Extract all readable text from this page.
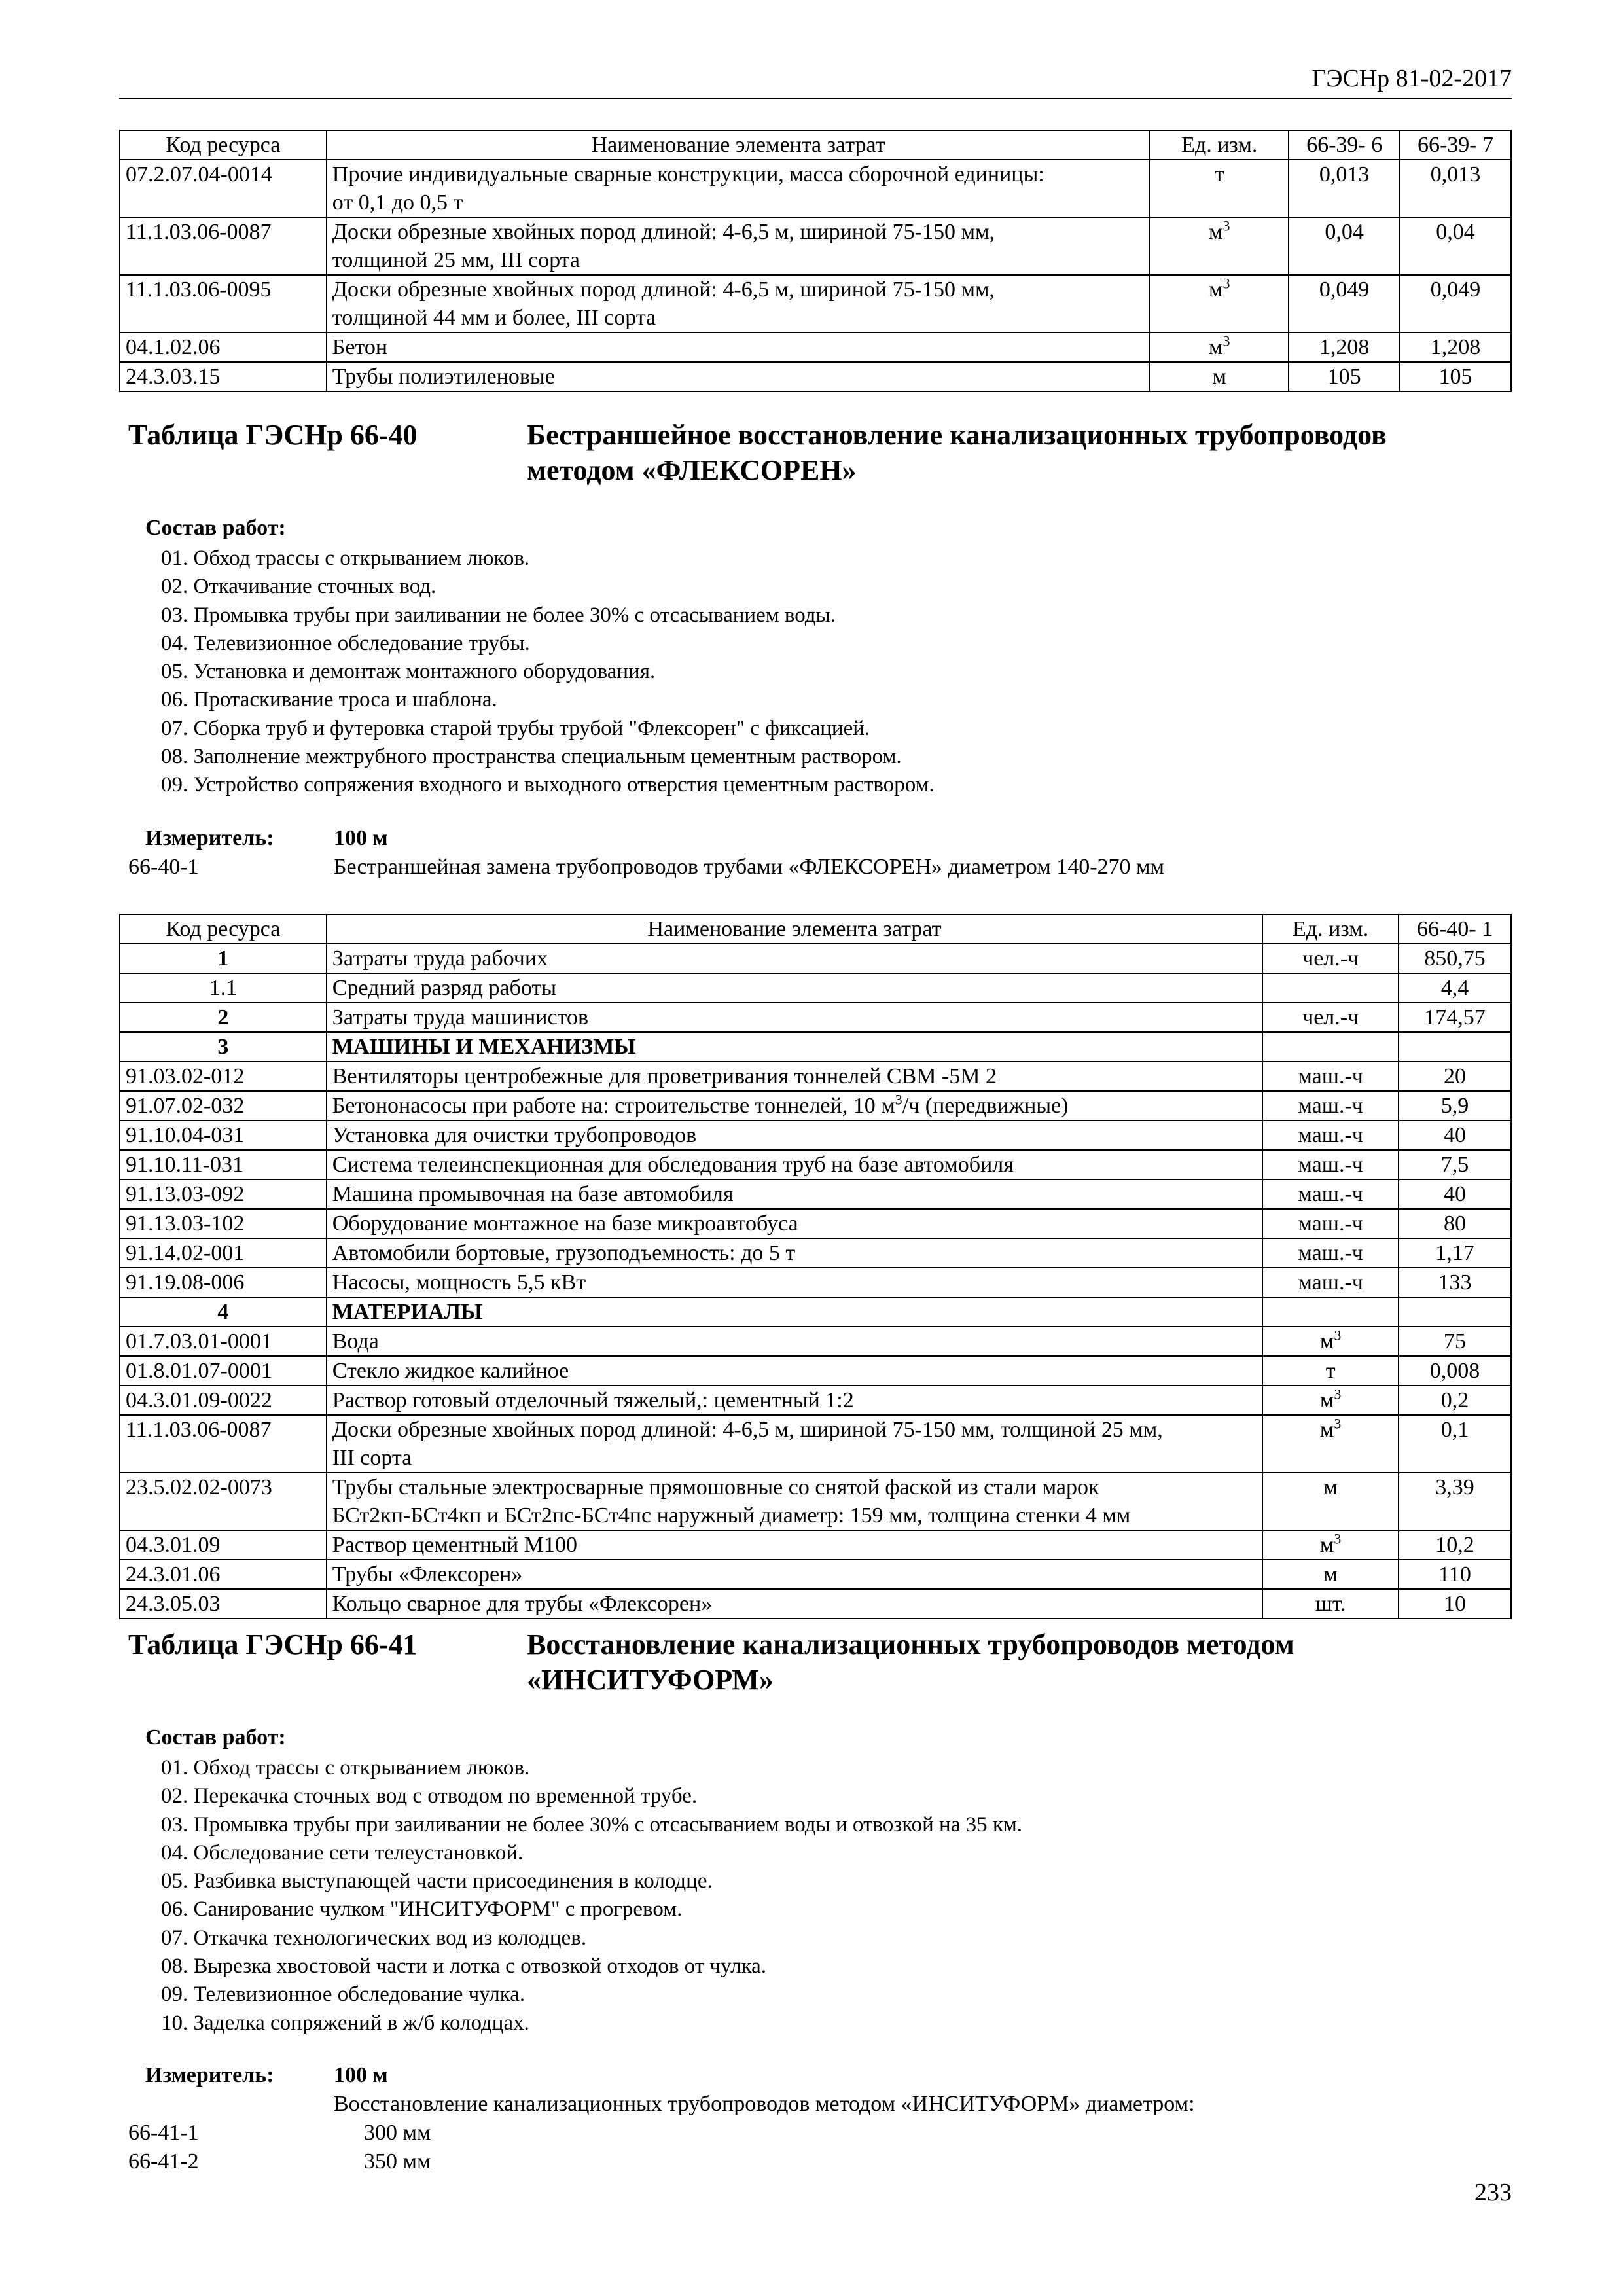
ГЭСНр 81-02-2017
Код ресурса	Наименование элемента затрат	Ед. изм.	66-39- 6	66-39- 7
07.2.07.04-0014	Прочие индивидуальные сварные конструкции, масса сборочной единицы:
от 0,1 до 0,5 т	т	0,013	0,013
11.1.03.06-0087	Доски обрезные хвойных пород длиной: 4-6,5 м, шириной 75-150 мм,
толщиной 25 мм, III сорта	$м^3$	0,04	0,04
11.1.03.06-0095	Доски обрезные хвойных пород длиной: 4-6,5 м, шириной 75-150 мм,
толщиной 44 мм и более, III сорта	$м^3$	0,049	0,049
04.1.02.06	Бетон	$м^3$	1,208	1,208
24.3.03.15	Трубы полиэтиленовые	м	105	105
Таблица ГЭСНр 66-40	Бестраншейное восстановление канализационных трубопроводов
методом «ФЛЕКСОРЕН»
Состав работ:
01. Обход трассы с открыванием люков.
02. Откачивание сточных вод.
03. Промывка трубы при заиливании не более 30% с отсасыванием воды.
04. Телевизионное обследование трубы.
05. Установка и демонтаж монтажного оборудования.
06. Протаскивание троса и шаблона.
07. Сборка труб и футеровка старой трубы трубой "Флексорен" с фиксацией.
08. Заполнение межтрубного пространства специальным цементным раствором.
09. Устройство сопряжения входного и выходного отверстия цементным раствором.
Измеритель:	100 м
66-40-1	Бестраншейная замена трубопроводов трубами «ФЛЕКСОРЕН» диаметром 140-270 мм
Код ресурса	Наименование элемента затрат	Ед. изм.	66-40- 1
1	Затраты труда рабочих	чел.-ч	850,75
1.1	Средний разряд работы		4,4
2	Затраты труда машинистов	чел.-ч	174,57
3	МАШИНЫ И МЕХАНИЗМЫ		
91.03.02-012	Вентиляторы центробежные для проветривания тоннелей СВМ -5М 2	маш.-ч	20
91.07.02-032	Бетононасосы при работе на: строительстве тоннелей, 10 $м^3/ч$ (передвижные)	маш.-ч	5,9
91.10.04-031	Установка для очистки трубопроводов	маш.-ч	40
91.10.11-031	Система телеинспекционная для обследования труб на базе автомобиля	маш.-ч	7,5
91.13.03-092	Машина промывочная на базе автомобиля	маш.-ч	40
91.13.03-102	Оборудование монтажное на базе микроавтобуса	маш.-ч	80
91.14.02-001	Автомобили бортовые, грузоподъемность: до 5 т	маш.-ч	1,17
91.19.08-006	Насосы, мощность 5,5 кВт	маш.-ч	133
4	МАТЕРИАЛЫ		
01.7.03.01-0001	Вода	$м^3$	75
01.8.01.07-0001	Стекло жидкое калийное	т	0,008
04.3.01.09-0022	Раствор готовый отделочный тяжелый,: цементный 1:2	$м^3$	0,2
11.1.03.06-0087	Доски обрезные хвойных пород длиной: 4-6,5 м, шириной 75-150 мм, толщиной 25 мм,
III сорта	$м^3$	0,1
23.5.02.02-0073	Трубы стальные электросварные прямошовные со снятой фаской из стали марок
БСт2кп-БСт4кп и БСт2пс-БСт4пс наружный диаметр: 159 мм, толщина стенки 4 мм	м	3,39
04.3.01.09	Раствор цементный М100	$м^3$	10,2
24.3.01.06	Трубы «Флексорен»	м	110
24.3.05.03	Кольцо сварное для трубы «Флексорен»	шт.	10
Таблица ГЭСНр 66-41	Восстановление канализационных трубопроводов методом
«ИНСИТУФОРМ»
Состав работ:
01. Обход трассы с открыванием люков.
02. Перекачка сточных вод с отводом по временной трубе.
03. Промывка трубы при заиливании не более 30% с отсасыванием воды и отвозкой на 35 км.
04. Обследование сети телеустановкой.
05. Разбивка выступающей части присоединения в колодце.
06. Санирование чулком "ИНСИТУФОРМ" с прогревом.
07. Откачка технологических вод из колодцев.
08. Вырезка хвостовой части и лотка с отвозкой отходов от чулка.
09. Телевизионное обследование чулка.
10. Заделка сопряжений в ж/б колодцах.
Измеритель:	100 м
Восстановление канализационных трубопроводов методом «ИНСИТУФОРМ» диаметром:
66-41-1	300 мм
66-41-2	350 мм
233
